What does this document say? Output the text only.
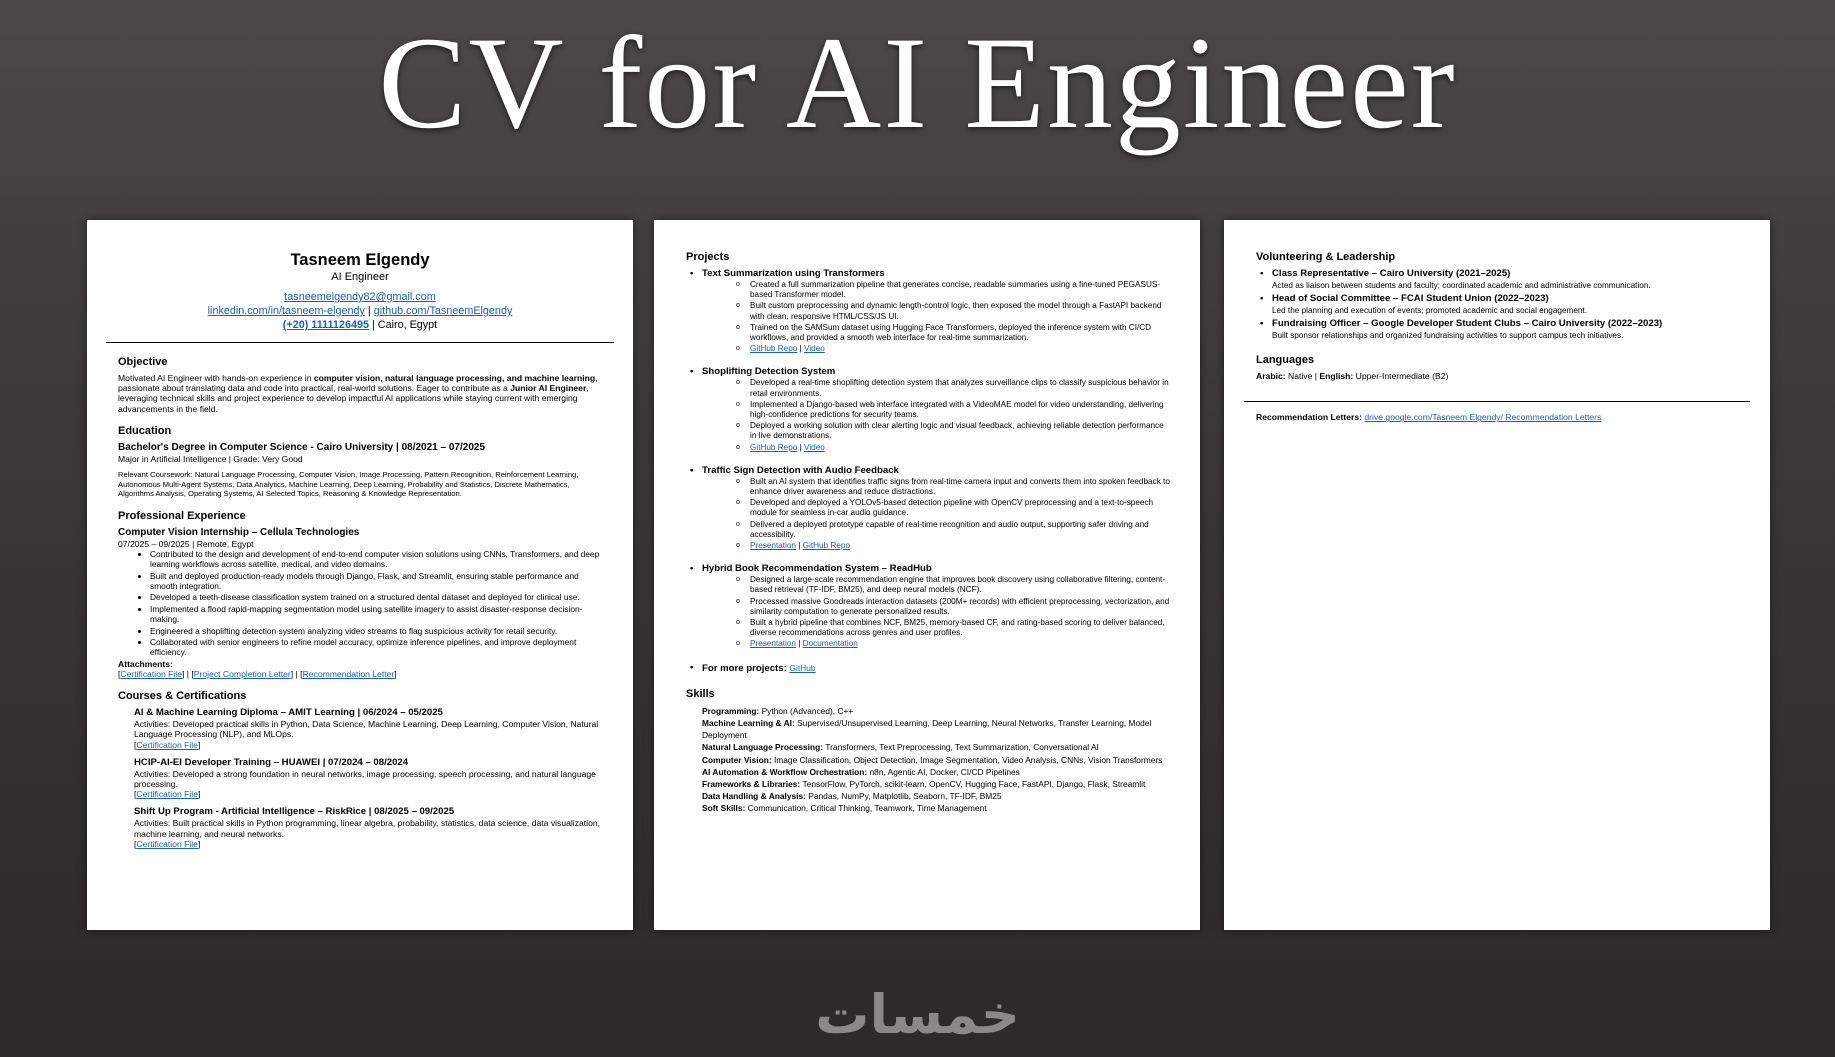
CV for AI Engineer
Tasneem Elgendy
AI Engineer
tasneemelgendy82@gmail.com
linkedin.com/in/tasneem-elgendy | github.com/TasneemElgendy
(+20) 1111126495 | Cairo, Egypt
Objective

Motivated AI Engineer with hands-on experience in computer vision, natural language processing, and machine learning, passionate about translating data and code into practical, real-world solutions. Eager to contribute as a Junior AI Engineer, leveraging technical skills and project experience to develop impactful AI applications while staying current with emerging advancements in the field.

Education
Bachelor's Degree in Computer Science - Cairo University | 08/2021 – 07/2025

Major in Artificial Intelligence | Grade: Very Good

Relevant Coursework: Natural Language Processing, Computer Vision, Image Processing, Pattern Recognition, Reinforcement Learning, Autonomous Multi-Agent Systems, Data Analytics, Machine Learning, Deep Learning, Probability and Statistics, Discrete Mathematics, Algorithms Analysis, Operating Systems, AI Selected Topics, Reasoning & Knowledge Representation.

Professional Experience
Computer Vision Internship – Cellula Technologies

07/2025 – 09/2025 | Remote, Egypt

• Contributed to the design and development of end-to-end computer vision solutions using CNNs, Transformers, and deep learning workflows across satellite, medical, and video domains.
• Built and deployed production-ready models through Django, Flask, and Streamlit, ensuring stable performance and smooth integration.
• Developed a teeth-disease classification system trained on a structured dental dataset and deployed for clinical use.
• Implemented a flood rapid-mapping segmentation model using satellite imagery to assist disaster-response decision-making.
• Engineered a shoplifting detection system analyzing video streams to flag suspicious activity for retail security.
• Collaborated with senior engineers to refine model accuracy, optimize inference pipelines, and improve deployment efficiency.

Attachments:

[Certification File] | [Project Completion Letter] | [Recommendation Letter]

Courses & Certifications
AI & Machine Learning Diploma – AMIT Learning | 06/2024 – 05/2025

Activities: Developed practical skills in Python, Data Science, Machine Learning, Deep Learning, Computer Vision, Natural Language Processing (NLP), and MLOps.

[Certification File]

HCIP-AI-EI Developer Training – HUAWEI | 07/2024 – 08/2024

Activities: Developed a strong foundation in neural networks, image processing, speech processing, and natural language processing.

[Certification File]

Shift Up Program - Artificial Intelligence – RiskRice | 08/2025 – 09/2025

Activities: Built practical skills in Python programming, linear algebra, probability, statistics, data science, data visualization, machine learning, and neural networks.

[Certification File]

Projects
• Text Summarization using Transformers
o Created a full summarization pipeline that generates concise, readable summaries using a fine-tuned PEGASUS-based Transformer model.
o Built custom preprocessing and dynamic length-control logic, then exposed the model through a FastAPI backend with clean, responsive HTML/CSS/JS UI.
o Trained on the SAMSum dataset using Hugging Face Transformers, deployed the inference system with CI/CD workflows, and provided a smooth web interface for real-time summarization.
o GitHub Repo | Video
• Shoplifting Detection System
o Developed a real-time shoplifting detection system that analyzes surveillance clips to classify suspicious behavior in retail environments.
o Implemented a Django-based web interface integrated with a VideoMAE model for video understanding, delivering high-confidence predictions for security teams.
o Deployed a working solution with clear alerting logic and visual feedback, achieving reliable detection performance in live demonstrations.
o GitHub Repo | Video
• Traffic Sign Detection with Audio Feedback
o Built an AI system that identifies traffic signs from real-time camera input and converts them into spoken feedback to enhance driver awareness and reduce distractions.
o Developed and deployed a YOLOv5-based detection pipeline with OpenCV preprocessing and a text-to-speech module for seamless in-car audio guidance.
o Delivered a deployed prototype capable of real-time recognition and audio output, supporting safer driving and accessibility.
o Presentation | GitHub Repo
• Hybrid Book Recommendation System – ReadHub
o Designed a large-scale recommendation engine that improves book discovery using collaborative filtering, content-based retrieval (TF-IDF, BM25), and deep neural models (NCF).
o Processed massive Goodreads interaction datasets (200M+ records) with efficient preprocessing, vectorization, and similarity computation to generate personalized results.
o Built a hybrid pipeline that combines NCF, BM25, memory-based CF, and rating-based scoring to deliver balanced, diverse recommendations across genres and user profiles.
o Presentation | Documentation
• For more projects: GitHub
Skills
Programming: Python (Advanced), C++
Machine Learning & AI: Supervised/Unsupervised Learning, Deep Learning, Neural Networks, Transfer Learning, Model Deployment
Natural Language Processing: Transformers, Text Preprocessing, Text Summarization, Conversational AI
Computer Vision: Image Classification, Object Detection, Image Segmentation, Video Analysis, CNNs, Vision Transformers
AI Automation & Workflow Orchestration: n8n, Agentic AI, Docker, CI/CD Pipelines
Frameworks & Libraries: TensorFlow, PyTorch, scikit-learn, OpenCV, Hugging Face, FastAPI, Django, Flask, Streamlit
Data Handling & Analysis: Pandas, NumPy, Matplotlib, Seaborn, TF-IDF, BM25
Soft Skills: Communication, Critical Thinking, Teamwork, Time Management
Volunteering & Leadership
• Class Representative – Cairo University (2021–2025)
Acted as liaison between students and faculty; coordinated academic and administrative communication.
• Head of Social Committee – FCAI Student Union (2022–2023)
Led the planning and execution of events; promoted academic and social engagement.
• Fundraising Officer – Google Developer Student Clubs – Cairo University (2022–2023)
Built sponsor relationships and organized fundraising activities to support campus tech initiatives.
Languages

Arabic: Native | English: Upper-Intermediate (B2)

Recommendation Letters: drive.google.com/Tasneem Elgendy/ Recommendation Letters

خمسات
